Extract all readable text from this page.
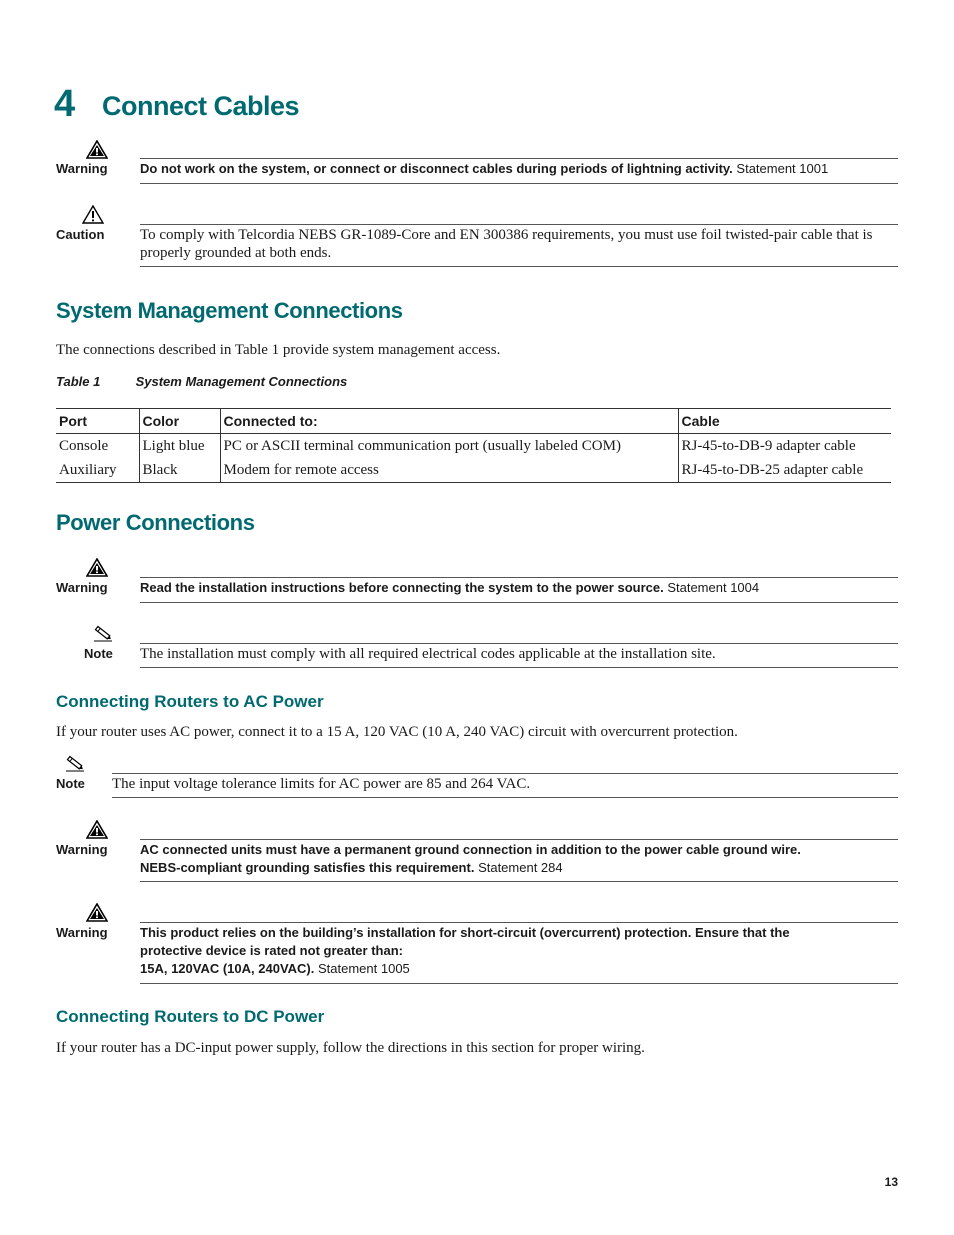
4 Connect Cables
Warning Do not work on the system, or connect or disconnect cables during periods of lightning activity. Statement 1001
Caution To comply with Telcordia NEBS GR-1089-Core and EN 300386 requirements, you must use foil twisted-pair cable that is properly grounded at both ends.
System Management Connections
The connections described in Table 1 provide system management access.
Table 1	System Management Connections
Port	Color	Connected to:	Cable
Console	Light blue	PC or ASCII terminal communication port (usually labeled COM)	RJ-45-to-DB-9 adapter cable
Auxiliary	Black	Modem for remote access	RJ-45-to-DB-25 adapter cable
Power Connections
Warning Read the installation instructions before connecting the system to the power source. Statement 1004
Note The installation must comply with all required electrical codes applicable at the installation site.
Connecting Routers to AC Power
If your router uses AC power, connect it to a 15 A, 120 VAC (10 A, 240 VAC) circuit with overcurrent protection.
Note The input voltage tolerance limits for AC power are 85 and 264 VAC.
Warning AC connected units must have a permanent ground connection in addition to the power cable ground wire.
NEBS-compliant grounding satisfies this requirement. Statement 284
Warning This product relies on the building’s installation for short-circuit (overcurrent) protection. Ensure that the
protective device is rated not greater than:
15A, 120VAC (10A, 240VAC). Statement 1005
Connecting Routers to DC Power
If your router has a DC-input power supply, follow the directions in this section for proper wiring.
13
